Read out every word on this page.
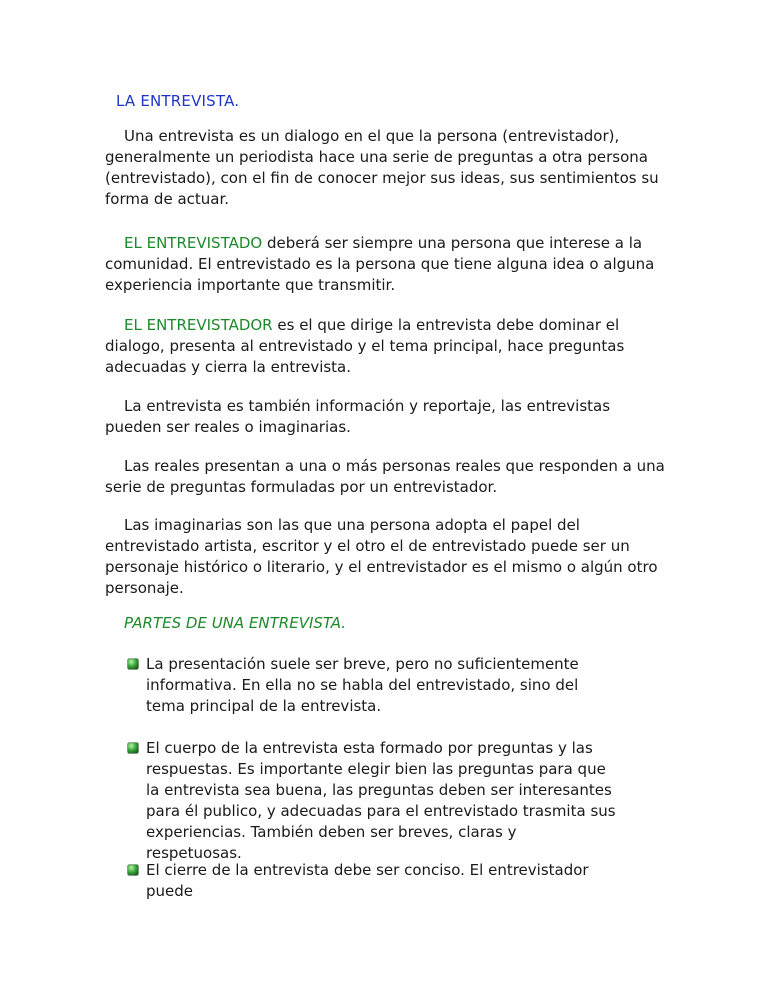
LA ENTREVISTA.

Una entrevista es un dialogo en el que la persona (entrevistador), generalmente un periodista hace una serie de preguntas a otra persona (entrevistado), con el fin de conocer mejor sus ideas, sus sentimientos su forma de actuar.

EL ENTREVISTADO deberá ser siempre una persona que interese a la comunidad. El entrevistado es la persona que tiene alguna idea o alguna experiencia importante que transmitir.

EL ENTREVISTADOR es el que dirige la entrevista debe dominar el dialogo, presenta al entrevistado y el tema principal, hace preguntas adecuadas y cierra la entrevista.

La entrevista es también información y reportaje, las entrevistas pueden ser reales o imaginarias.

Las reales presentan a una o más personas reales que responden a una serie de preguntas formuladas por un entrevistador.

Las imaginarias son las que una persona adopta el papel del entrevistado artista, escritor y el otro el de entrevistado puede ser un personaje histórico o literario, y el entrevistador es el mismo o algún otro personaje.

PARTES DE UNA ENTREVISTA.
La presentación suele ser breve, pero no suficientemente informativa. En ella no se habla del entrevistado, sino del tema principal de la entrevista.
El cuerpo de la entrevista esta formado por preguntas y las respuestas. Es importante elegir bien las preguntas para que la entrevista sea buena, las preguntas deben ser interesantes para él publico, y adecuadas para el entrevistado trasmita sus experiencias. También deben ser breves, claras y respetuosas.
El cierre de la entrevista debe ser conciso. El entrevistador puede
